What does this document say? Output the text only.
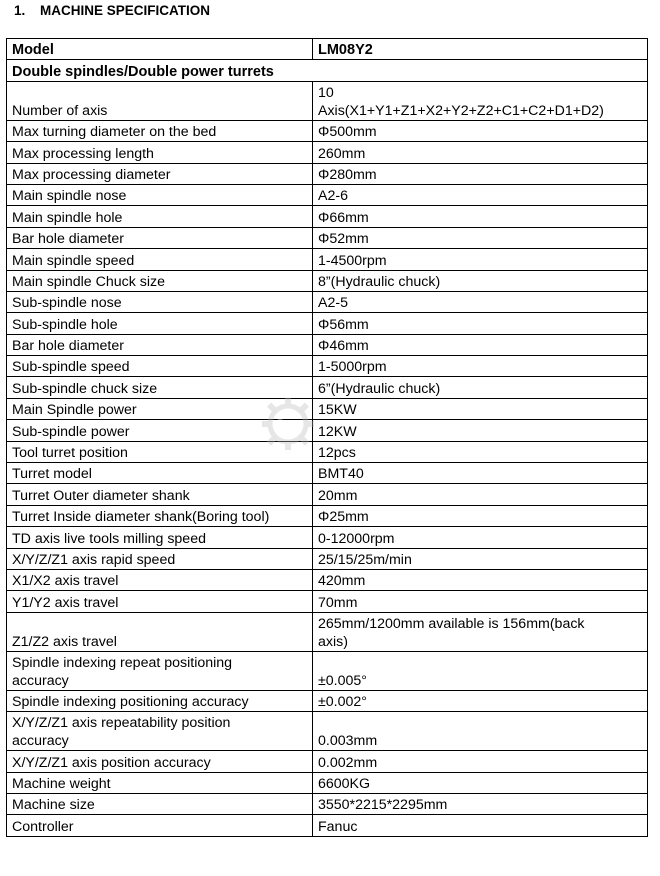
1. MACHINE SPECIFICATION
Model	LM08Y2
Double spindles/Double power turrets	
Number of axis	10
Axis(X1+Y1+Z1+X2+Y2+Z2+C1+C2+D1+D2)
Max turning diameter on the bed	Φ500mm
Max processing length	260mm
Max processing diameter	Φ280mm
Main spindle nose	A2-6
Main spindle hole	Φ66mm
Bar hole diameter	Φ52mm
Main spindle speed	1-4500rpm
Main spindle Chuck size	8”(Hydraulic chuck)
Sub-spindle nose	A2-5
Sub-spindle hole	Φ56mm
Bar hole diameter	Φ46mm
Sub-spindle speed	1-5000rpm
Sub-spindle chuck size	6”(Hydraulic chuck)
Main Spindle power	15KW
Sub-spindle power	12KW
Tool turret position	12pcs
Turret model	BMT40
Turret Outer diameter shank	20mm
Turret Inside diameter shank(Boring tool)	Φ25mm
TD axis live tools milling speed	0-12000rpm
X/Y/Z/Z1 axis rapid speed	25/15/25m/min
X1/X2 axis travel	420mm
Y1/Y2 axis travel	70mm
Z1/Z2 axis travel	265mm/1200mm available is 156mm(back
axis)
Spindle indexing repeat positioning
accuracy	±0.005°
Spindle indexing positioning accuracy	±0.002°
X/Y/Z/Z1 axis repeatability position
accuracy	0.003mm
X/Y/Z/Z1 axis position accuracy	0.002mm
Machine weight	6600KG
Machine size	3550*2215*2295mm
Controller	Fanuc
